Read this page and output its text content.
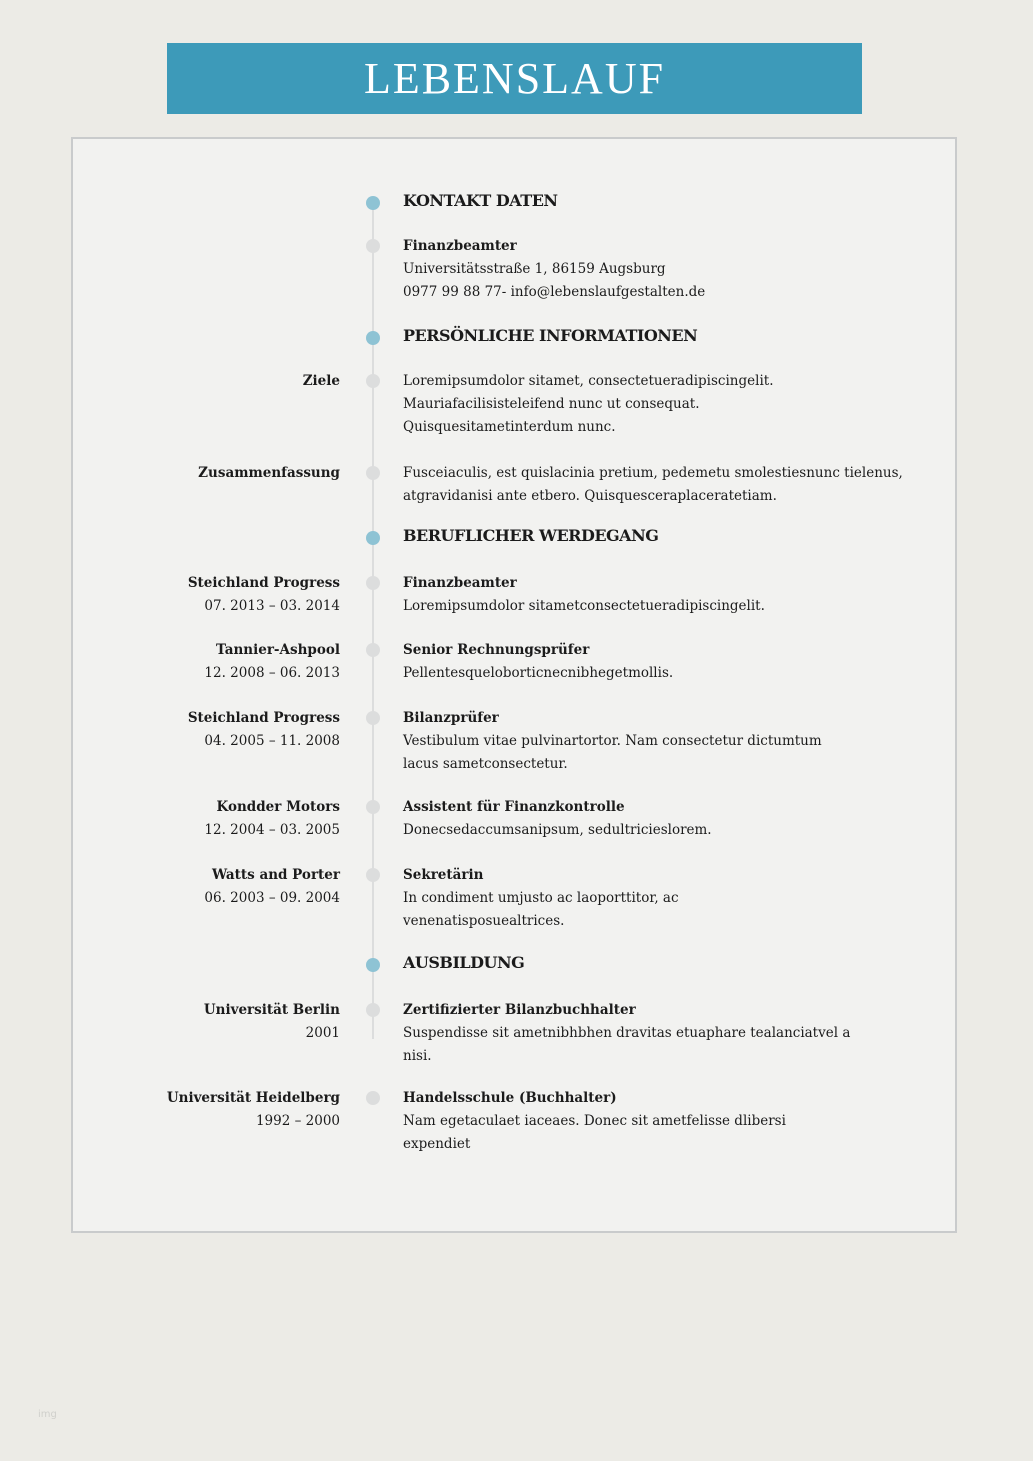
LEBENSLAUF
KONTAKT DATEN
Finanzbeamter
Universitätsstraße 1, 86159 Augsburg
0977 99 88 77- info@lebenslaufgestalten.de
PERSÖNLICHE INFORMATIONEN
Ziele	Loremipsumdolor sitamet, consectetueradipiscingelit.
Mauriafacilisisteleifend nunc ut consequat.
Quisquesitametinterdum nunc.
Zusammenfassung	Fusceiaculis, est quislacinia pretium, pedemetu smolestiesnunc tielenus,
atgravidanisi ante etbero. Quisquesceraplaceratetiam.
BERUFLICHER WERDEGANG
Steichland Progress
07. 2013 – 03. 2014
Finanzbeamter
Loremipsumdolor sitametconsectetueradipiscingelit.
Tannier-Ashpool
12. 2008 – 06. 2013
Senior Rechnungsprüfer
Pellentesqueloborticnecnibhegetmollis.
Steichland Progress
04. 2005 – 11. 2008
Bilanzprüfer
Vestibulum vitae pulvinartortor. Nam consectetur dictumtum
lacus sametconsectetur.
Kondder Motors
12. 2004 – 03. 2005
Assistent für Finanzkontrolle
Donecsedaccumsanipsum, sedultricieslorem.
Watts and Porter
06. 2003 – 09. 2004
Sekretärin
In condiment umjusto ac laoporttitor, ac
venenatisposuealtrices.
AUSBILDUNG
Universität Berlin
2001
Zertifizierter Bilanzbuchhalter
Suspendisse sit ametnibhbhen dravitas etuaphare tealanciatvel a
nisi.
Universität Heidelberg
1992 – 2000
Handelsschule (Buchhalter)
Nam egetaculaet iaceaes. Donec sit ametfelisse dlibersi
expendiet
img
